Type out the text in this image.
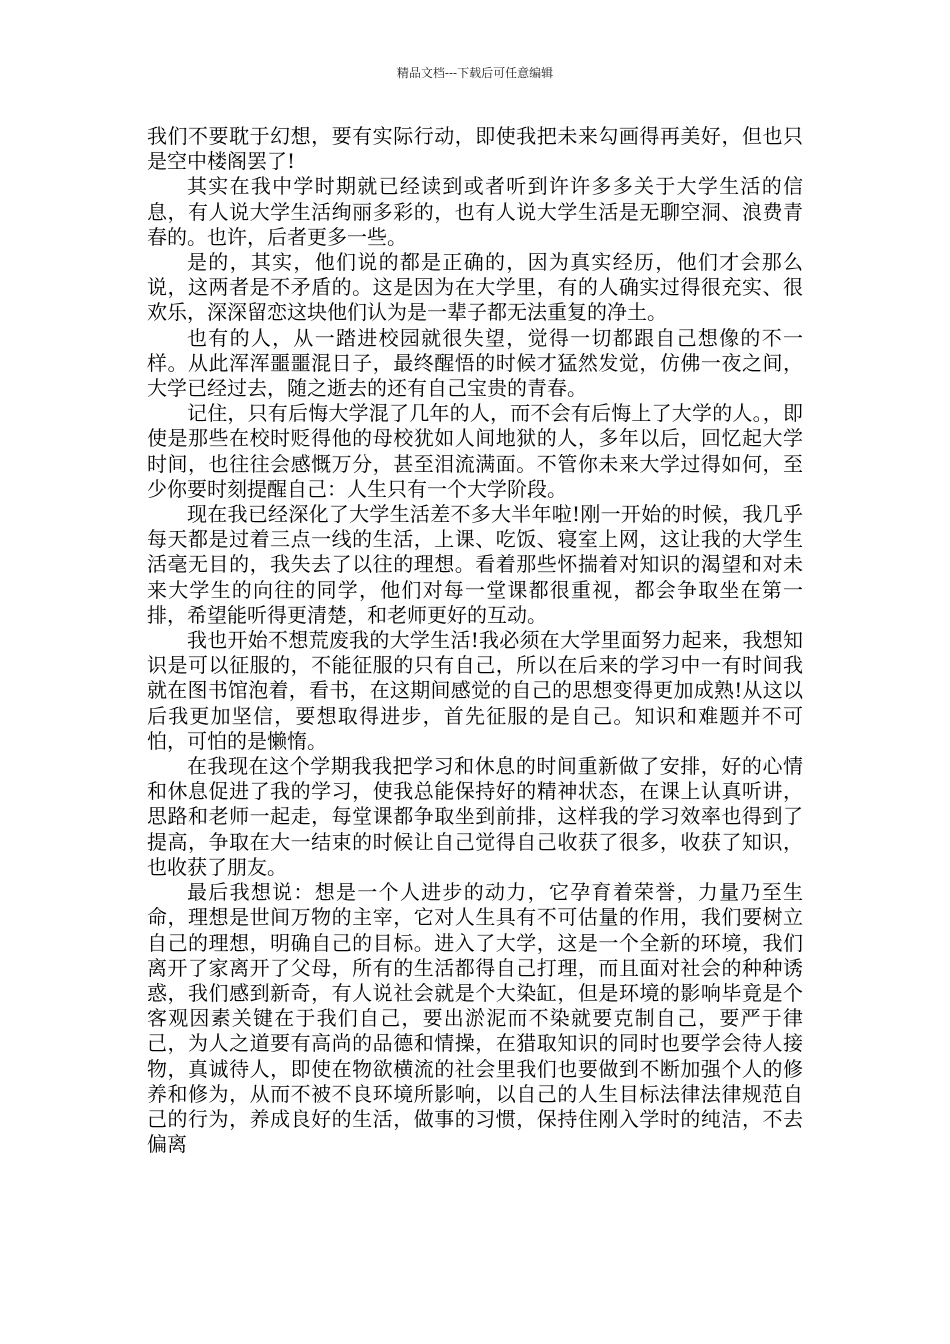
精品文档---下载后可任意编辑

我们不要耽于幻想，要有实际行动，即使我把未来勾画得再美好，但也只是空中楼阁罢了!

其实在我中学时期就已经读到或者听到许许多多关于大学生活的信息，有人说大学生活绚丽多彩的，也有人说大学生活是无聊空洞、浪费青春的。也许，后者更多一些。

是的，其实，他们说的都是正确的，因为真实经历，他们才会那么说，这两者是不矛盾的。这是因为在大学里，有的人确实过得很充实、很欢乐，深深留恋这块他们认为是一辈子都无法重复的净土。

也有的人，从一踏进校园就很失望，觉得一切都跟自己想像的不一样。从此浑浑噩噩混日子，最终醒悟的时候才猛然发觉，仿佛一夜之间，大学已经过去，随之逝去的还有自己宝贵的青春。

记住，只有后悔大学混了几年的人，而不会有后悔上了大学的人。，即使是那些在校时贬得他的母校犹如人间地狱的人，多年以后，回忆起大学时间，也往往会感慨万分，甚至泪流满面。不管你未来大学过得如何，至少你要时刻提醒自己：人生只有一个大学阶段。

现在我已经深化了大学生活差不多大半年啦!刚一开始的时候，我几乎每天都是过着三点一线的生活，上课、吃饭、寝室上网，这让我的大学生活毫无目的，我失去了以往的理想。看着那些怀揣着对知识的渴望和对未来大学生的向往的同学，他们对每一堂课都很重视，都会争取坐在第一排，希望能听得更清楚，和老师更好的互动。

我也开始不想荒废我的大学生活!我必须在大学里面努力起来，我想知识是可以征服的，不能征服的只有自己，所以在后来的学习中一有时间我就在图书馆泡着，看书，在这期间感觉的自己的思想变得更加成熟!从这以后我更加坚信，要想取得进步，首先征服的是自己。知识和难题并不可怕，可怕的是懒惰。

在我现在这个学期我我把学习和休息的时间重新做了安排，好的心情和休息促进了我的学习，使我总能保持好的精神状态，在课上认真听讲，思路和老师一起走，每堂课都争取坐到前排，这样我的学习效率也得到了提高，争取在大一结束的时候让自己觉得自己收获了很多，收获了知识，也收获了朋友。

最后我想说：想是一个人进步的动力，它孕育着荣誉，力量乃至生命，理想是世间万物的主宰，它对人生具有不可估量的作用，我们要树立自己的理想，明确自己的目标。进入了大学，这是一个全新的环境，我们离开了家离开了父母，所有的生活都得自己打理，而且面对社会的种种诱惑，我们感到新奇，有人说社会就是个大染缸，但是环境的影响毕竟是个客观因素关键在于我们自己，要出淤泥而不染就要克制自己，要严于律己，为人之道要有高尚的品德和情操，在猎取知识的同时也要学会待人接物，真诚待人，即使在物欲横流的社会里我们也要做到不断加强个人的修养和修为，从而不被不良环境所影响，以自己的人生目标法律法律规范自己的行为，养成良好的生活，做事的习惯，保持住刚入学时的纯洁，不去偏离
